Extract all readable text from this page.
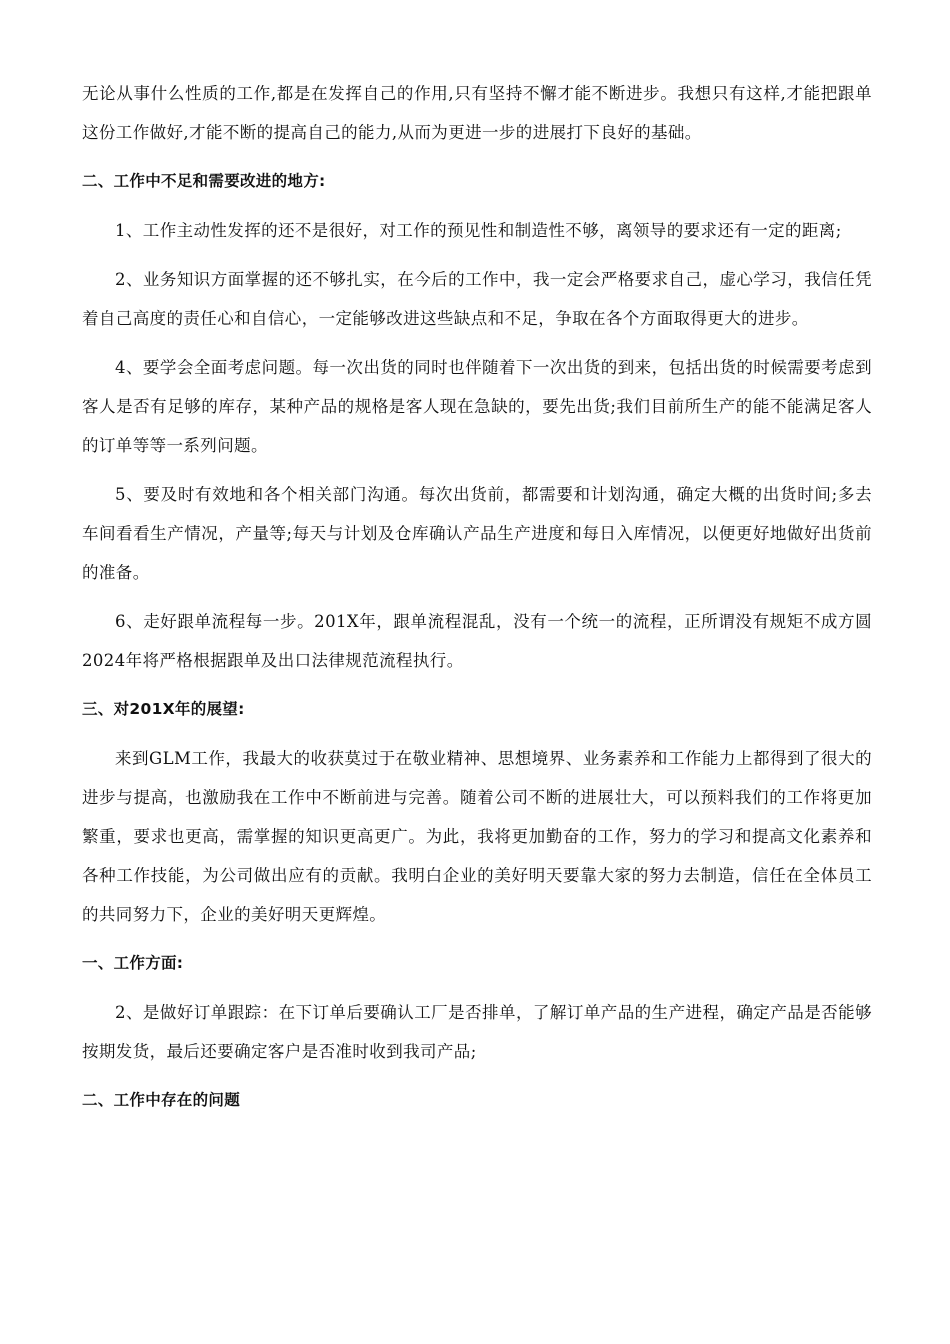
无论从事什么性质的工作,都是在发挥自己的作用,只有坚持不懈才能不断进步。我想只有这样,才能把跟单这份工作做好,才能不断的提高自己的能力,从而为更进一步的进展打下良好的基础。

二、工作中不足和需要改进的地方:

1、工作主动性发挥的还不是很好，对工作的预见性和制造性不够，离领导的要求还有一定的距离;

2、业务知识方面掌握的还不够扎实，在今后的工作中，我一定会严格要求自己，虚心学习，我信任凭着自己高度的责任心和自信心，一定能够改进这些缺点和不足，争取在各个方面取得更大的进步。

4、要学会全面考虑问题。每一次出货的同时也伴随着下一次出货的到来，包括出货的时候需要考虑到客人是否有足够的库存，某种产品的规格是客人现在急缺的，要先出货;我们目前所生产的能不能满足客人的订单等等一系列问题。

5、要及时有效地和各个相关部门沟通。每次出货前，都需要和计划沟通，确定大概的出货时间;多去车间看看生产情况，产量等;每天与计划及仓库确认产品生产进度和每日入库情况，以便更好地做好出货前的准备。

6、走好跟单流程每一步。201X年，跟单流程混乱，没有一个统一的流程，正所谓没有规矩不成方圆2024年将严格根据跟单及出口法律规范流程执行。

三、对201X年的展望:

来到GLM工作，我最大的收获莫过于在敬业精神、思想境界、业务素养和工作能力上都得到了很大的进步与提高，也激励我在工作中不断前进与完善。随着公司不断的进展壮大，可以预料我们的工作将更加繁重，要求也更高，需掌握的知识更高更广。为此，我将更加勤奋的工作，努力的学习和提高文化素养和各种工作技能，为公司做出应有的贡献。我明白企业的美好明天要靠大家的努力去制造，信任在全体员工的共同努力下，企业的美好明天更辉煌。

一、工作方面:

2、是做好订单跟踪：在下订单后要确认工厂是否排单，了解订单产品的生产进程，确定产品是否能够按期发货，最后还要确定客户是否准时收到我司产品;

二、工作中存在的问题
